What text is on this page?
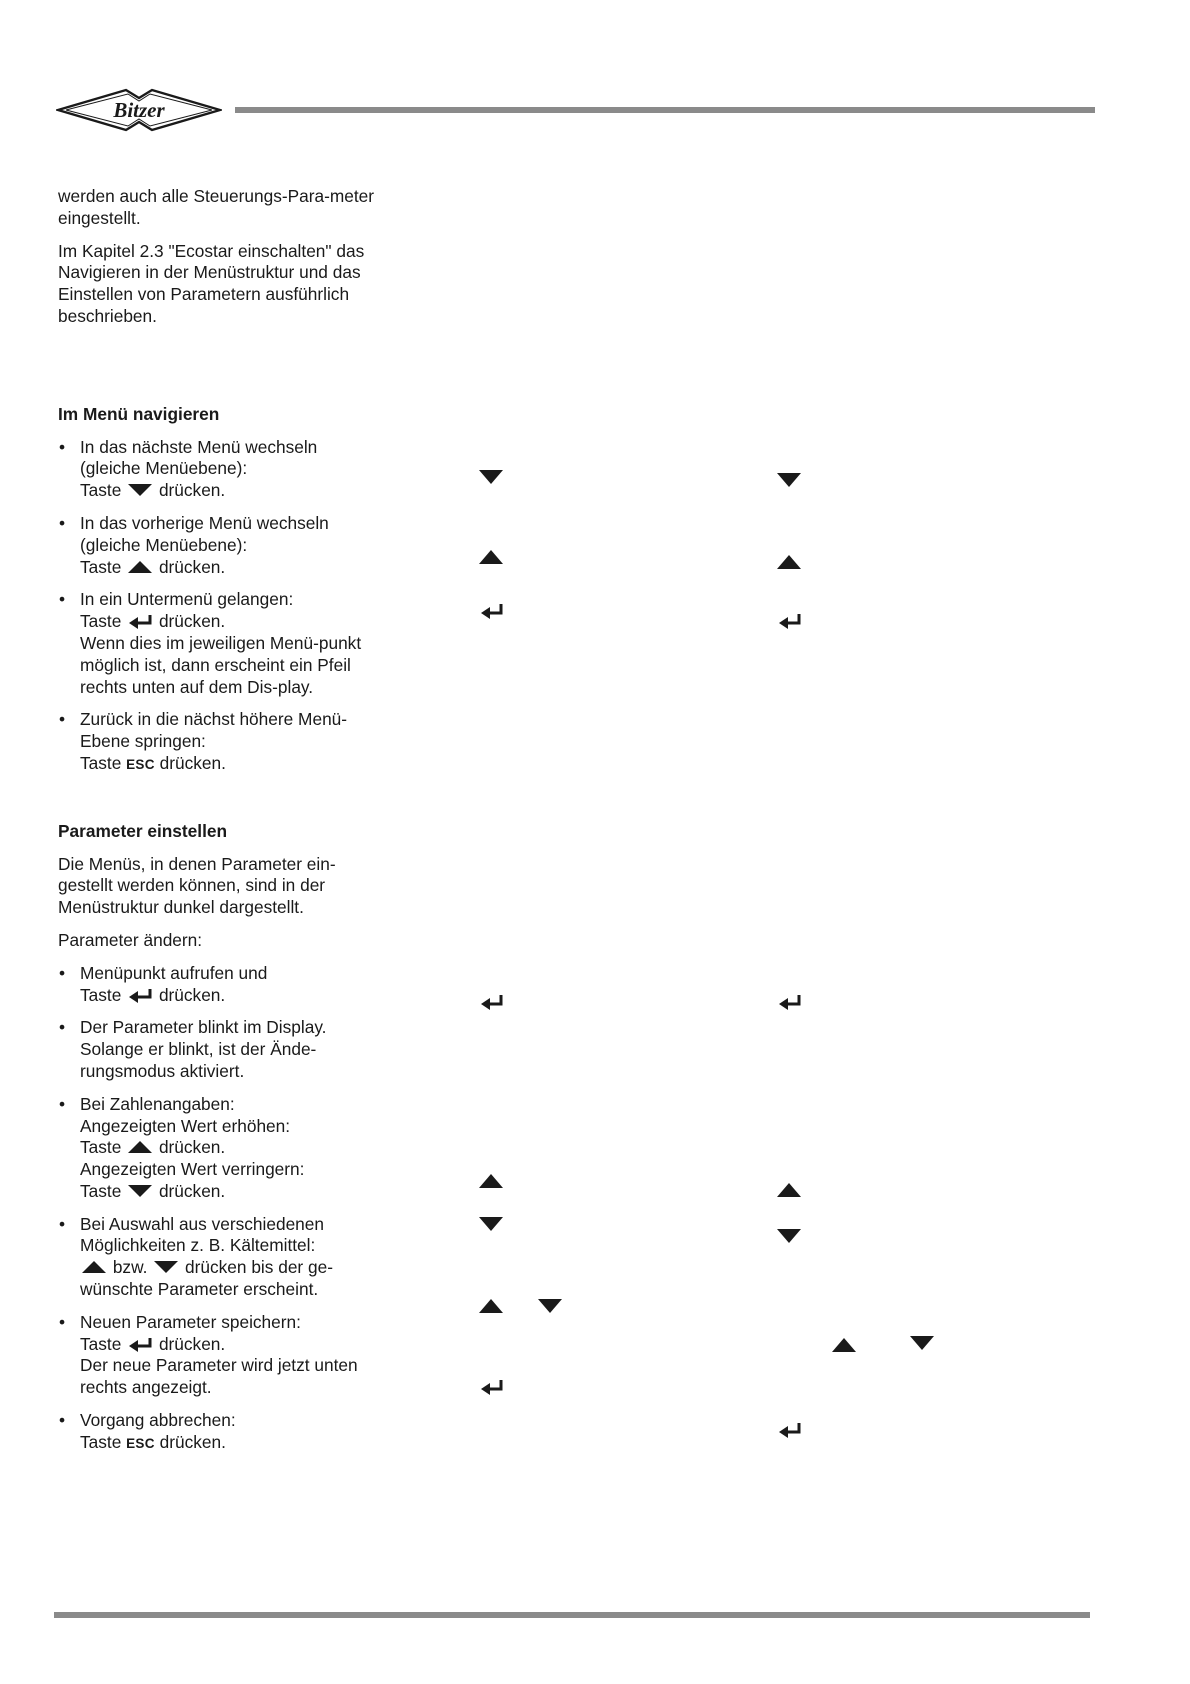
Bitzer

werden auch alle Steuerungs-Para-meter eingestellt.

Im Kapitel 2.3 "Ecostar einschalten" das Navigieren in der Menüstruktur und das Einstellen von Parametern ausführlich beschrieben.

Im Menü navigieren
• In das nächste Menü wechseln (gleiche Menüebene):
Taste drücken.
• In das vorherige Menü wechseln (gleiche Menüebene):
Taste drücken.
• In ein Untermenü gelangen:
Taste drücken.
Wenn dies im jeweiligen Menü-punkt möglich ist, dann erscheint ein Pfeil rechts unten auf dem Dis-play.
• Zurück in die nächst höhere Menü-Ebene springen:
Taste ESC drücken.
Parameter einstellen

Die Menüs, in denen Parameter ein-gestellt werden können, sind in der Menüstruktur dunkel dargestellt.

Parameter ändern:

• Menüpunkt aufrufen und
Taste drücken.
• Der Parameter blinkt im Display. Solange er blinkt, ist der Ände-rungsmodus aktiviert.
• Bei Zahlenangaben:
Angezeigten Wert erhöhen:
Taste drücken.
Angezeigten Wert verringern:
Taste drücken.
• Bei Auswahl aus verschiedenen Möglichkeiten z. B. Kältemittel:
bzw. drücken bis der ge-wünschte Parameter erscheint.
• Neuen Parameter speichern:
Taste drücken.
Der neue Parameter wird jetzt unten rechts angezeigt.
• Vorgang abbrechen:
Taste ESC drücken.
